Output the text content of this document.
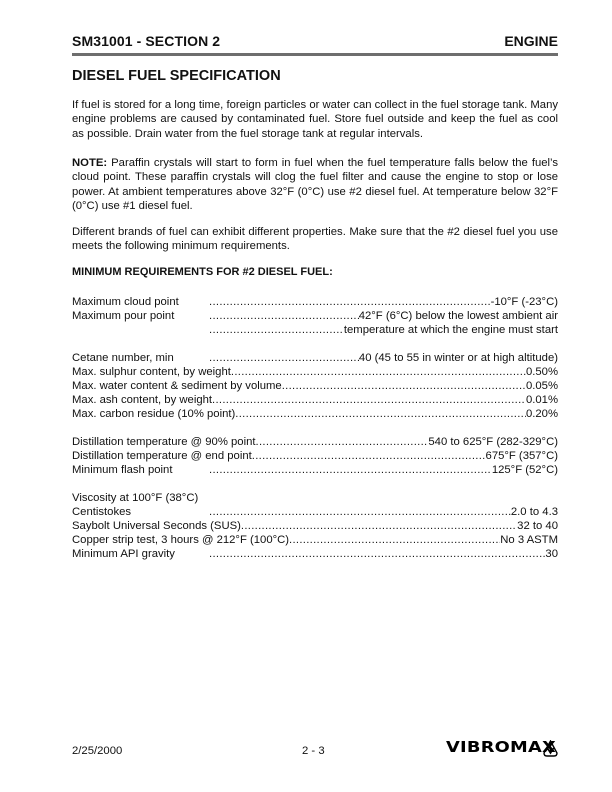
SM31001 - SECTION 2	ENGINE
DIESEL FUEL SPECIFICATION
If fuel is stored for a long time, foreign particles or water can collect in the fuel storage tank. Many engine problems are caused by contaminated fuel. Store fuel outside and keep the fuel as cool as possible. Drain water from the fuel storage tank at regular intervals.
NOTE: Paraffin crystals will start to form in fuel when the fuel temperature falls below the fuel’s cloud point. These paraffin crystals will clog the fuel filter and cause the engine to stop or lose power. At ambient temperatures above 32°F (0°C) use #2 diesel fuel. At temperature below 32°F (0°C) use #1 diesel fuel.
Different brands of fuel can exhibit different properties. Make sure that the #2 diesel fuel you use meets the following minimum requirements.
MINIMUM REQUIREMENTS FOR #2 DIESEL FUEL:
Maximum cloud point .....	-10°F (-23°C)
Maximum pour point .....	42°F (6°C) below the lowest ambient air
.....
temperature at which the engine must start
Cetane number, min .....	40 (45 to 55 in winter or at high altitude)
Max. sulphur content, by weight .....	0.50%
Max. water content & sediment by volume .....	0.05%
Max. ash content, by weight .....	0.01%
Max. carbon residue (10% point) .....	0.20%
Distillation temperature @ 90% point .....	540 to 625°F (282-329°C)
Distillation temperature @ end point .....	675°F (357°C)
Minimum flash point .....	125°F (52°C)
Viscosity at 100°F (38°C)
Centistokes .....	2.0 to 4.3
Saybolt Universal Seconds (SUS) .....	32 to 40
Copper strip test, 3 hours @ 212°F (100°C) .....	No 3 ASTM
Minimum API gravity .....	30
2/25/2000	2 - 3	VIBROMAX
